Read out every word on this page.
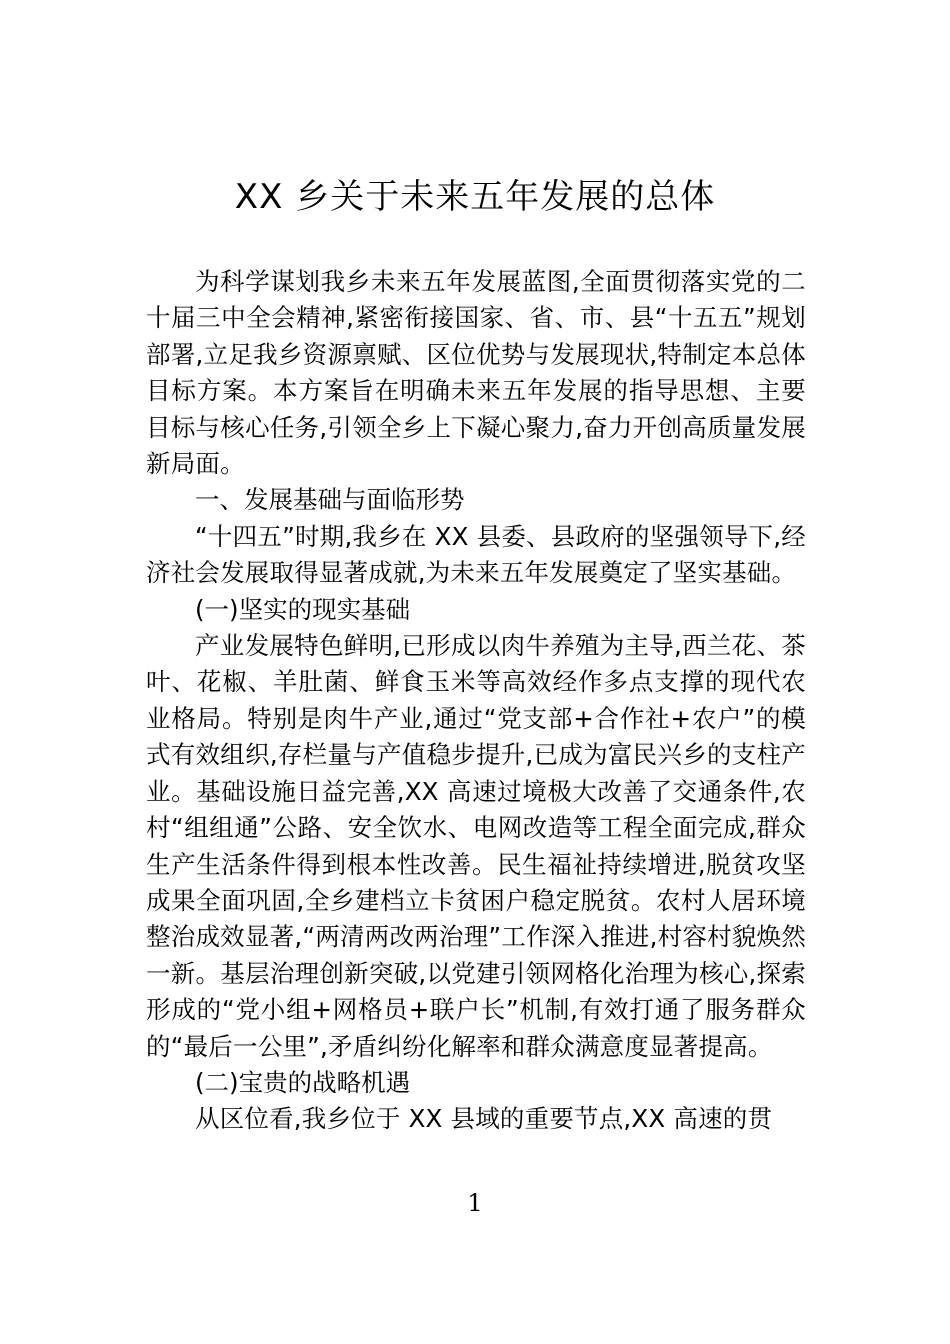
XX 乡关于未来五年发展的总体

为科学谋划我乡未来五年发展蓝图,全面贯彻落实党的二十届三中全会精神,紧密衔接国家、省、市、县“十五五”规划部署,立足我乡资源禀赋、区位优势与发展现状,特制定本总体目标方案。本方案旨在明确未来五年发展的指导思想、主要目标与核心任务,引领全乡上下凝心聚力,奋力开创高质量发展新局面。

一、发展基础与面临形势

“十四五”时期,我乡在 XX 县委、县政府的坚强领导下,经济社会发展取得显著成就,为未来五年发展奠定了坚实基础。

(一)坚实的现实基础

产业发展特色鲜明,已形成以肉牛养殖为主导,西兰花、茶叶、花椒、羊肚菌、鲜食玉米等高效经作多点支撑的现代农业格局。特别是肉牛产业,通过“党支部+合作社+农户”的模式有效组织,存栏量与产值稳步提升,已成为富民兴乡的支柱产业。基础设施日益完善,XX 高速过境极大改善了交通条件,农村“组组通”公路、安全饮水、电网改造等工程全面完成,群众生产生活条件得到根本性改善。民生福祉持续增进,脱贫攻坚成果全面巩固,全乡建档立卡贫困户稳定脱贫。农村人居环境整治成效显著,“两清两改两治理”工作深入推进,村容村貌焕然一新。基层治理创新突破,以党建引领网格化治理为核心,探索形成的“党小组+网格员+联户长”机制,有效打通了服务群众的“最后一公里”,矛盾纠纷化解率和群众满意度显著提高。

(二)宝贵的战略机遇

从区位看,我乡位于 XX 县域的重要节点,XX 高速的贯

1
